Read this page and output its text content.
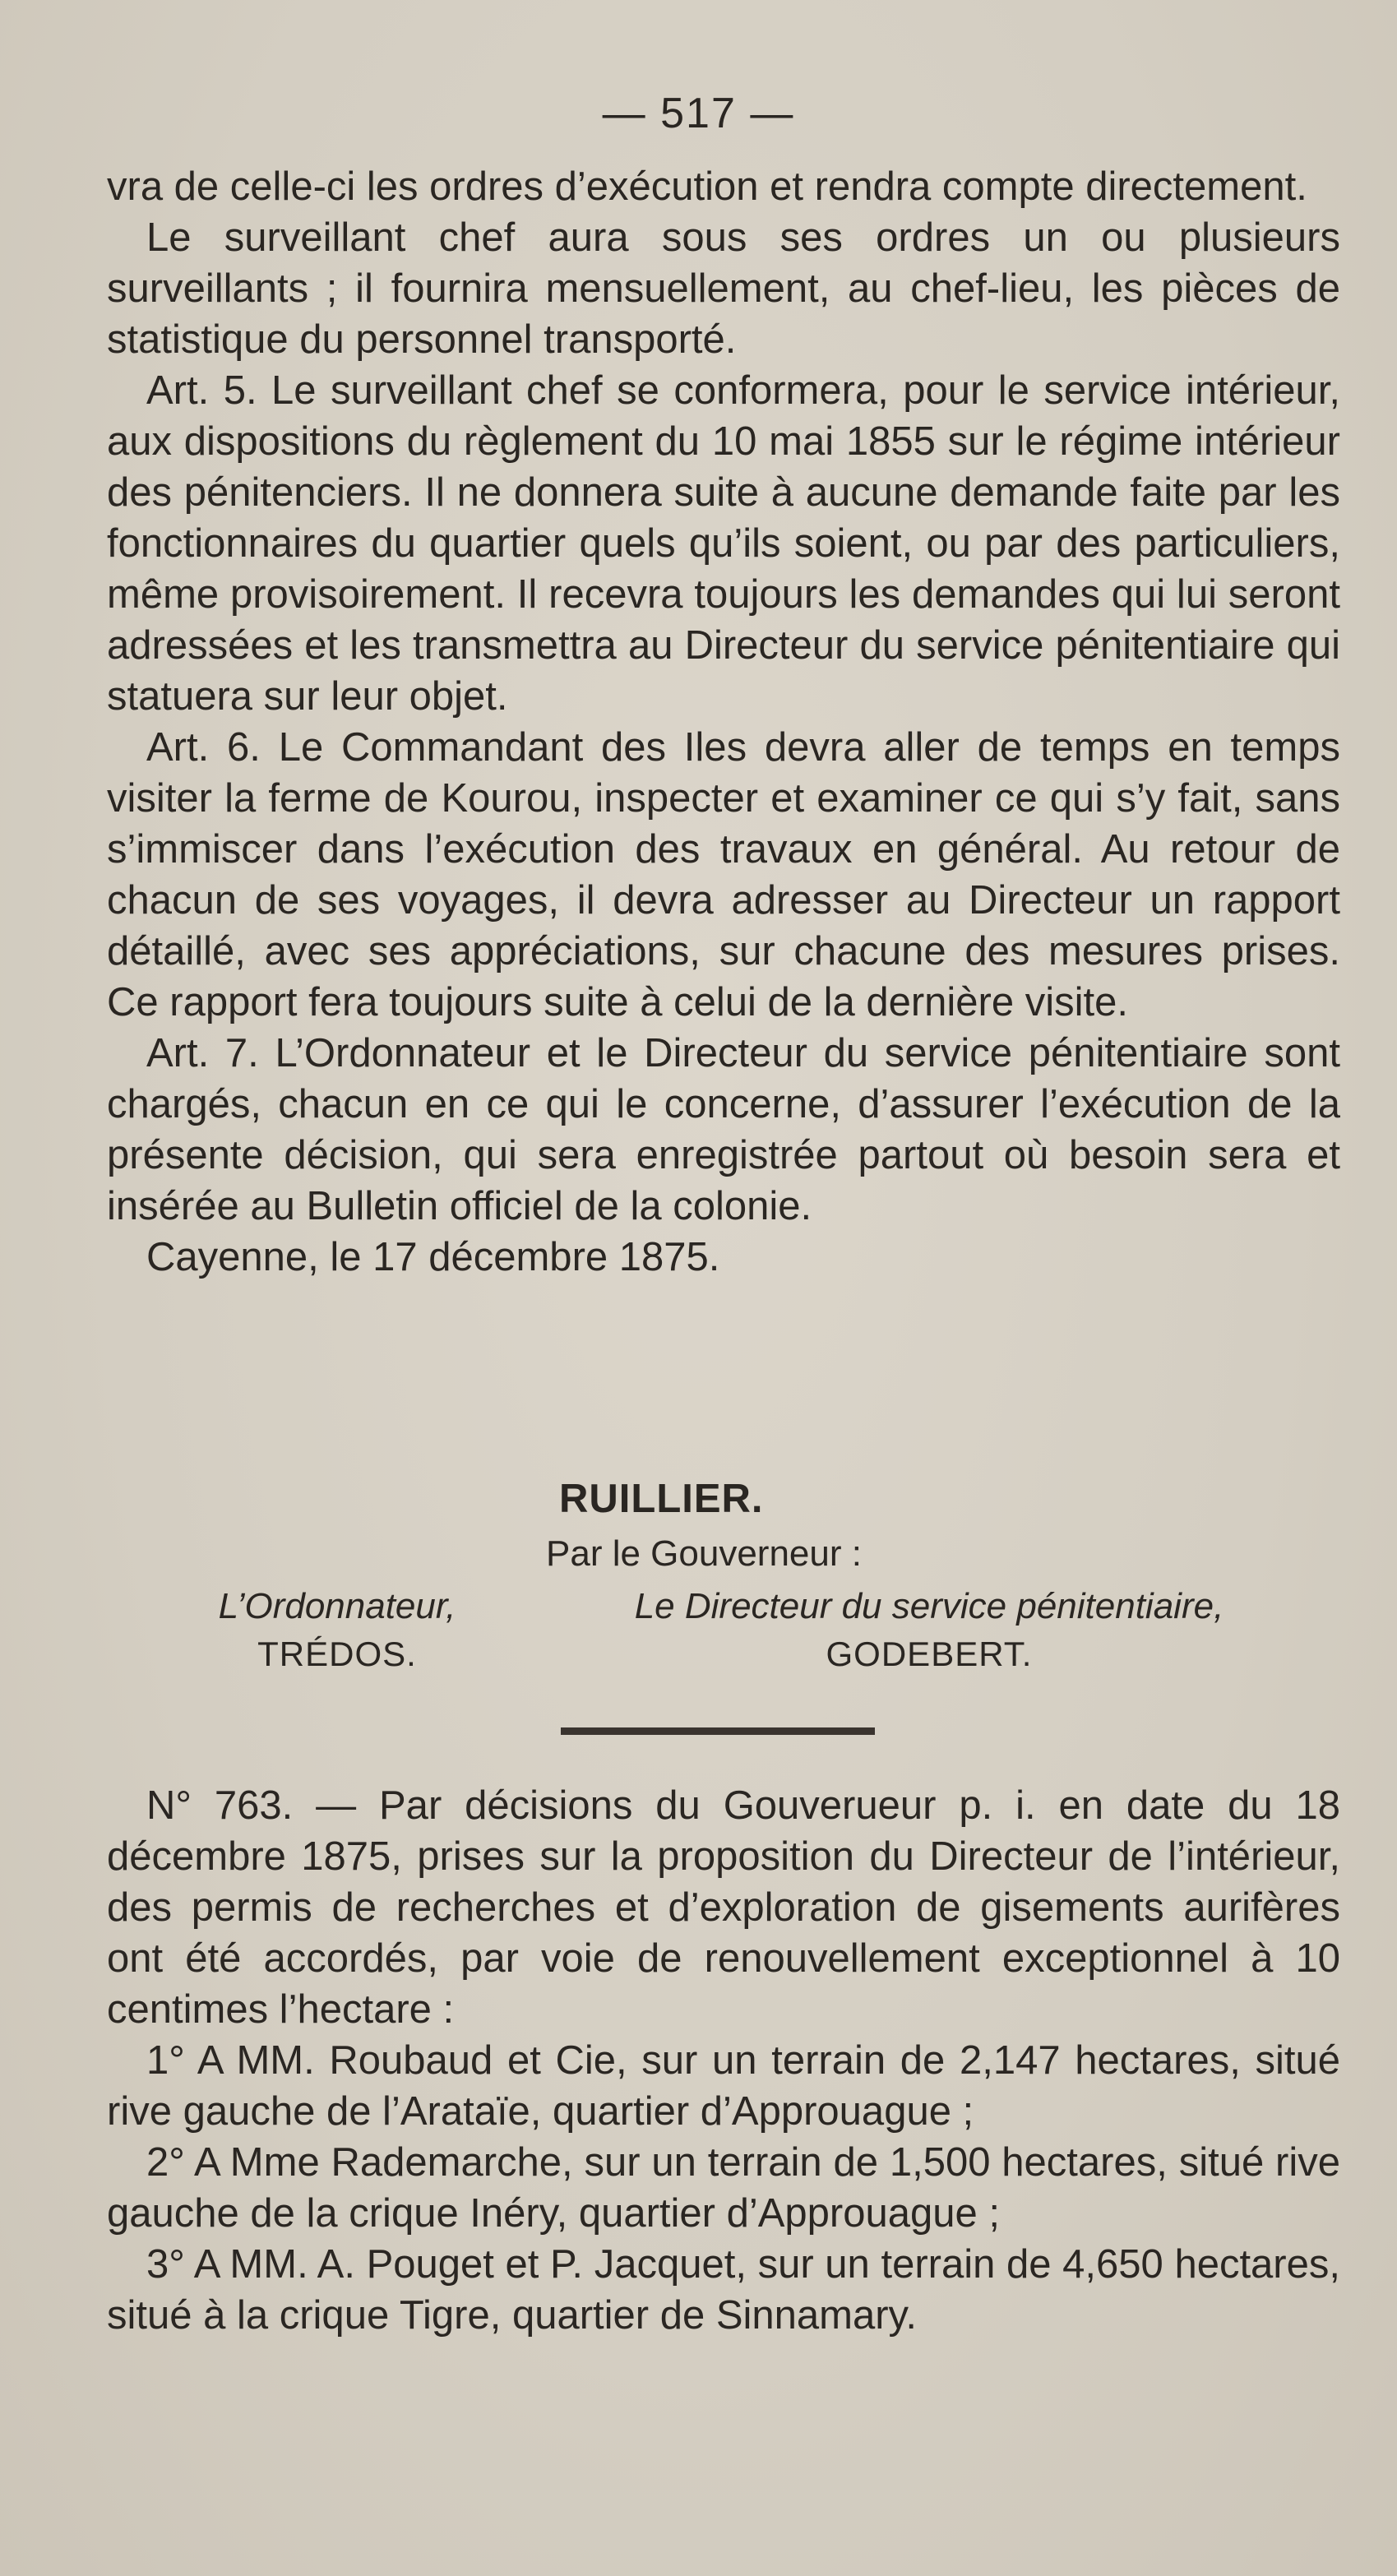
— 517 —

vra de celle-ci les ordres d’exécution et rendra compte directement.

Le surveillant chef aura sous ses ordres un ou plusieurs surveillants ; il fournira mensuellement, au chef-lieu, les pièces de statistique du personnel transporté.

Art. 5. Le surveillant chef se conformera, pour le service intérieur, aux dispositions du règlement du 10 mai 1855 sur le régime intérieur des pénitenciers. Il ne donnera suite à aucune demande faite par les fonctionnaires du quartier quels qu’ils soient, ou par des particuliers, même provisoirement. Il recevra toujours les demandes qui lui seront adressées et les transmettra au Directeur du service pénitentiaire qui statuera sur leur objet.

Art. 6. Le Commandant des Iles devra aller de temps en temps visiter la ferme de Kourou, inspecter et examiner ce qui s’y fait, sans s’immiscer dans l’exécution des travaux en général. Au retour de chacun de ses voyages, il devra adresser au Directeur un rapport détaillé, avec ses appréciations, sur chacune des mesures prises. Ce rapport fera toujours suite à celui de la dernière visite.

Art. 7. L’Ordonnateur et le Directeur du service pénitentiaire sont chargés, chacun en ce qui le concerne, d’assurer l’exécution de la présente décision, qui sera enregistrée partout où besoin sera et insérée au Bulletin officiel de la colonie.

Cayenne, le 17 décembre 1875.

RUILLIER.
Par le Gouverneur :
L’Ordonnateur,
TRÉDOS.
Le Directeur du service pénitentiaire,
GODEBERT.

N° 763. — Par décisions du Gouverueur p. i. en date du 18 décembre 1875, prises sur la proposition du Directeur de l’intérieur, des permis de recherches et d’exploration de gisements aurifères ont été accordés, par voie de renouvellement exceptionnel à 10 centimes l’hectare :

1° A MM. Roubaud et Cie, sur un terrain de 2,147 hectares, situé rive gauche de l’Arataïe, quartier d’Approuague ;

2° A Mme Rademarche, sur un terrain de 1,500 hectares, situé rive gauche de la crique Inéry, quartier d’Approuague ;

3° A MM. A. Pouget et P. Jacquet, sur un terrain de 4,650 hectares, situé à la crique Tigre, quartier de Sinnamary.
